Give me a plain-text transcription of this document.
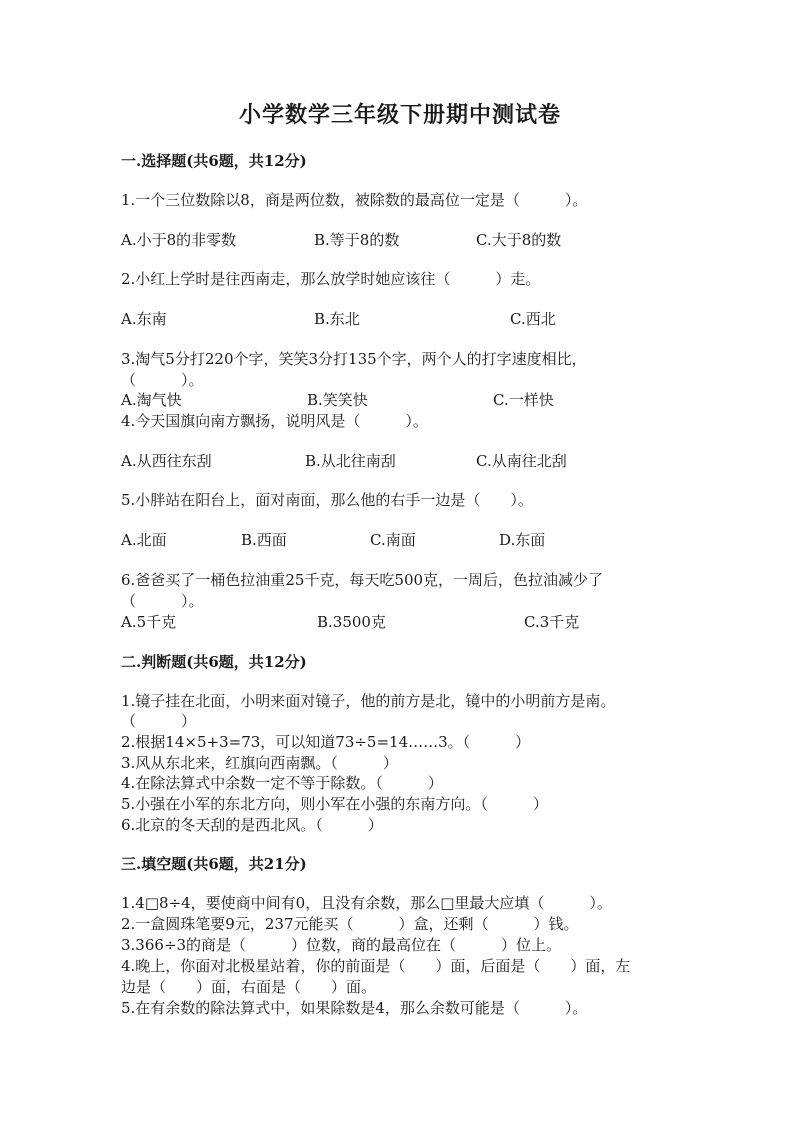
小学数学三年级下册期中测试卷
一.选择题(共6题，共12分)
1.一个三位数除以8，商是两位数，被除数的最高位一定是（　　　）。
A.小于8的非零数	B.等于8的数	C.大于8的数
2.小红上学时是往西南走，那么放学时她应该往（　　　）走。
A.东南	B.东北	C.西北
3.淘气5分打220个字，笑笑3分打135个字，两个人的打字速度相比，
（　　　）。
A.淘气快	B.笑笑快	C.一样快
4.今天国旗向南方飘扬，说明风是（　　　）。
A.从西往东刮	B.从北往南刮	C.从南往北刮
5.小胖站在阳台上，面对南面，那么他的右手一边是（　　）。
A.北面	B.西面	C.南面	D.东面
6.爸爸买了一桶色拉油重25千克，每天吃500克，一周后，色拉油减少了
（　　　）。
A.5千克	B.3500克	C.3千克
二.判断题(共6题，共12分)
1.镜子挂在北面，小明来面对镜子，他的前方是北，镜中的小明前方是南。
（　　　）
2.根据14×5+3=73，可以知道73÷5=14……3。（　　　）
3.风从东北来，红旗向西南飘。（　　　）
4.在除法算式中余数一定不等于除数。（　　　）
5.小强在小军的东北方向，则小军在小强的东南方向。（　　　）
6.北京的冬天刮的是西北风。（　　　）
三.填空题(共6题，共21分)
1.4□8÷4，要使商中间有0，且没有余数，那么□里最大应填（　　　）。
2.一盒圆珠笔要9元，237元能买（　　　）盒，还剩（　　　）钱。
3.366÷3的商是（　　　）位数，商的最高位在（　　　）位上。
4.晚上，你面对北极星站着，你的前面是（　　）面，后面是（　　）面，左
边是（　　）面，右面是（　　）面。
5.在有余数的除法算式中，如果除数是4，那么余数可能是（　　　）。
